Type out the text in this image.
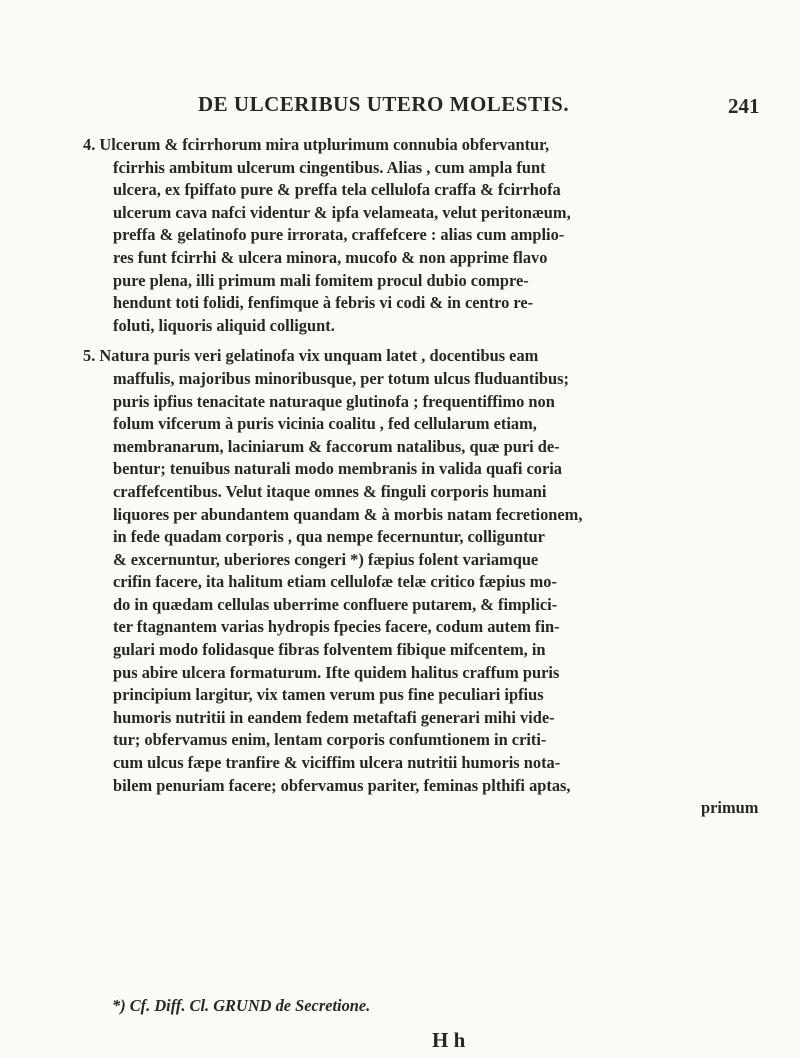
DE ULCERIBUS UTERO MOLESTIS.	241
4. Ulcerum & fcirrhorum mira utplurimum connubia obfervantur,
fcirrhis ambitum ulcerum cingentibus. Alias , cum ampla funt
ulcera, ex fpiffato pure & preffa tela cellulofa craffa & fcirrhofa
ulcerum cava nafci videntur & ipfa velameata, velut peritonæum,
preffa & gelatinofo pure irrorata, craffefcere : alias cum amplio-
res funt fcirrhi & ulcera minora, mucofo & non apprime flavo
pure plena, illi primum mali fomitem procul dubio compre-
hendunt toti folidi, fenfimque à febris vi codi & in centro re-
foluti, liquoris aliquid colligunt.
5. Natura puris veri gelatinofa vix unquam latet , docentibus eam
maffulis, majoribus minoribusque, per totum ulcus fluduantibus;
puris ipfius tenacitate naturaque glutinofa ; frequentiffimo non
folum vifcerum à puris vicinia coalitu , fed cellularum etiam,
membranarum, laciniarum & faccorum natalibus, quæ puri de-
bentur; tenuibus naturali modo membranis in valida quafi coria
craffefcentibus. Velut itaque omnes & finguli corporis humani
liquores per abundantem quandam & à morbis natam fecretionem,
in fede quadam corporis , qua nempe fecernuntur, colliguntur
& excernuntur, uberiores congeri *) fæpius folent variamque
crifin facere, ita halitum etiam cellulofæ telæ critico fæpius mo-
do in quædam cellulas uberrime confluere putarem, & fimplici-
ter ftagnantem varias hydropis fpecies facere, codum autem fin-
gulari modo folidasque fibras folventem fibique mifcentem, in
pus abire ulcera formaturum. Ifte quidem halitus craffum puris
principium largitur, vix tamen verum pus fine peculiari ipfius
humoris nutritii in eandem fedem metaftafi generari mihi vide-
tur; obfervamus enim, lentam corporis confumtionem in criti-
cum ulcus fæpe tranfire & viciffim ulcera nutritii humoris nota-
bilem penuriam facere; obfervamus pariter, feminas plthifi aptas,
primum
*) Cf. Diff. Cl. GRUND de Secretione.
H h
